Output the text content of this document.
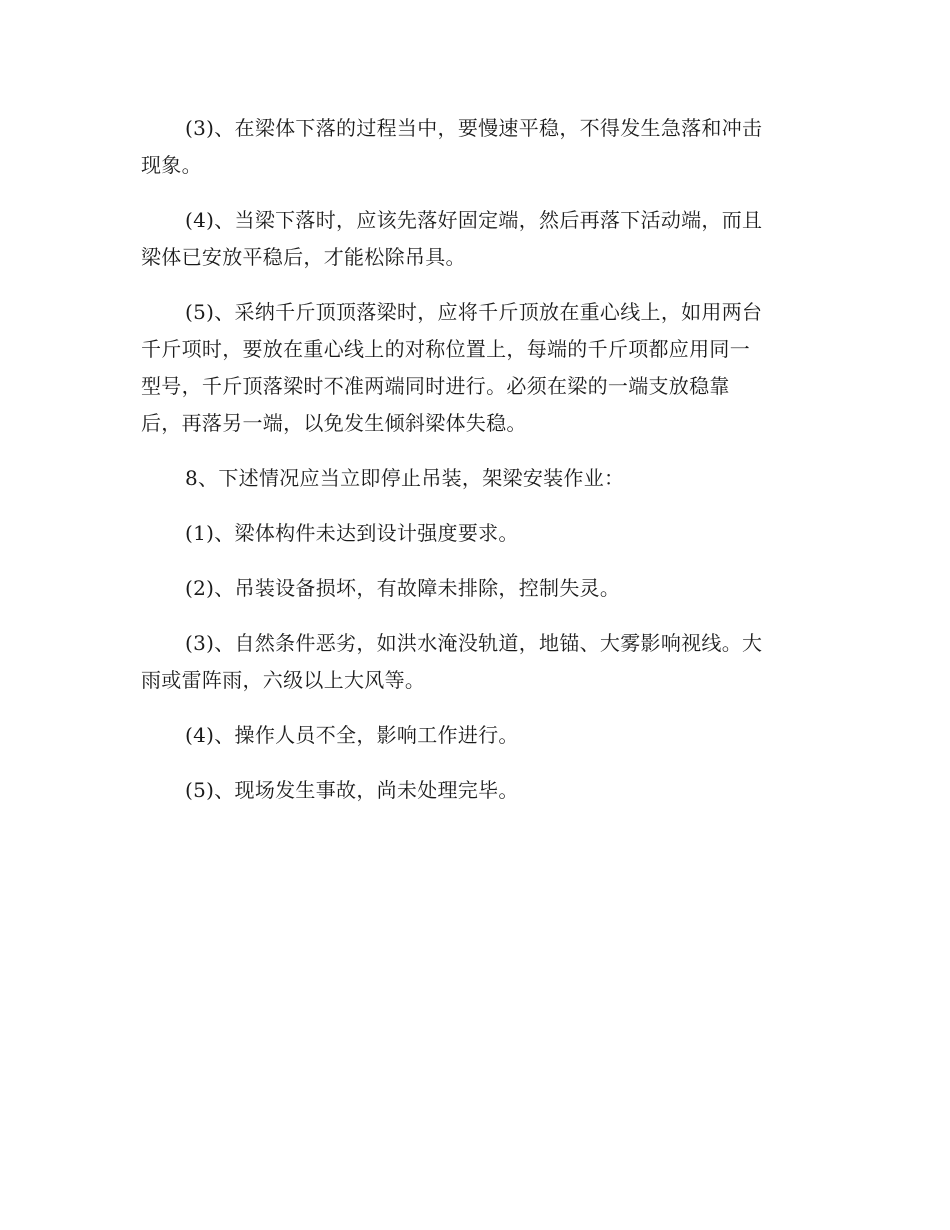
(3)、在梁体下落的过程当中，要慢速平稳，不得发生急落和冲击
现象。

(4)、当梁下落时，应该先落好固定端，然后再落下活动端，而且
梁体已安放平稳后，才能松除吊具。

(5)、采纳千斤顶顶落梁时，应将千斤顶放在重心线上，如用两台
千斤项时，要放在重心线上的对称位置上，每端的千斤项都应用同一
型号，千斤顶落梁时不准两端同时进行。必须在梁的一端支放稳靠
后，再落另一端，以免发生倾斜梁体失稳。

8、下述情况应当立即停止吊装，架梁安装作业：

(1)、梁体构件未达到设计强度要求。

(2)、吊装设备损坏，有故障未排除，控制失灵。

(3)、自然条件恶劣，如洪水淹没轨道，地锚、大雾影响视线。大
雨或雷阵雨，六级以上大风等。

(4)、操作人员不全，影响工作进行。

(5)、现场发生事故，尚未处理完毕。
